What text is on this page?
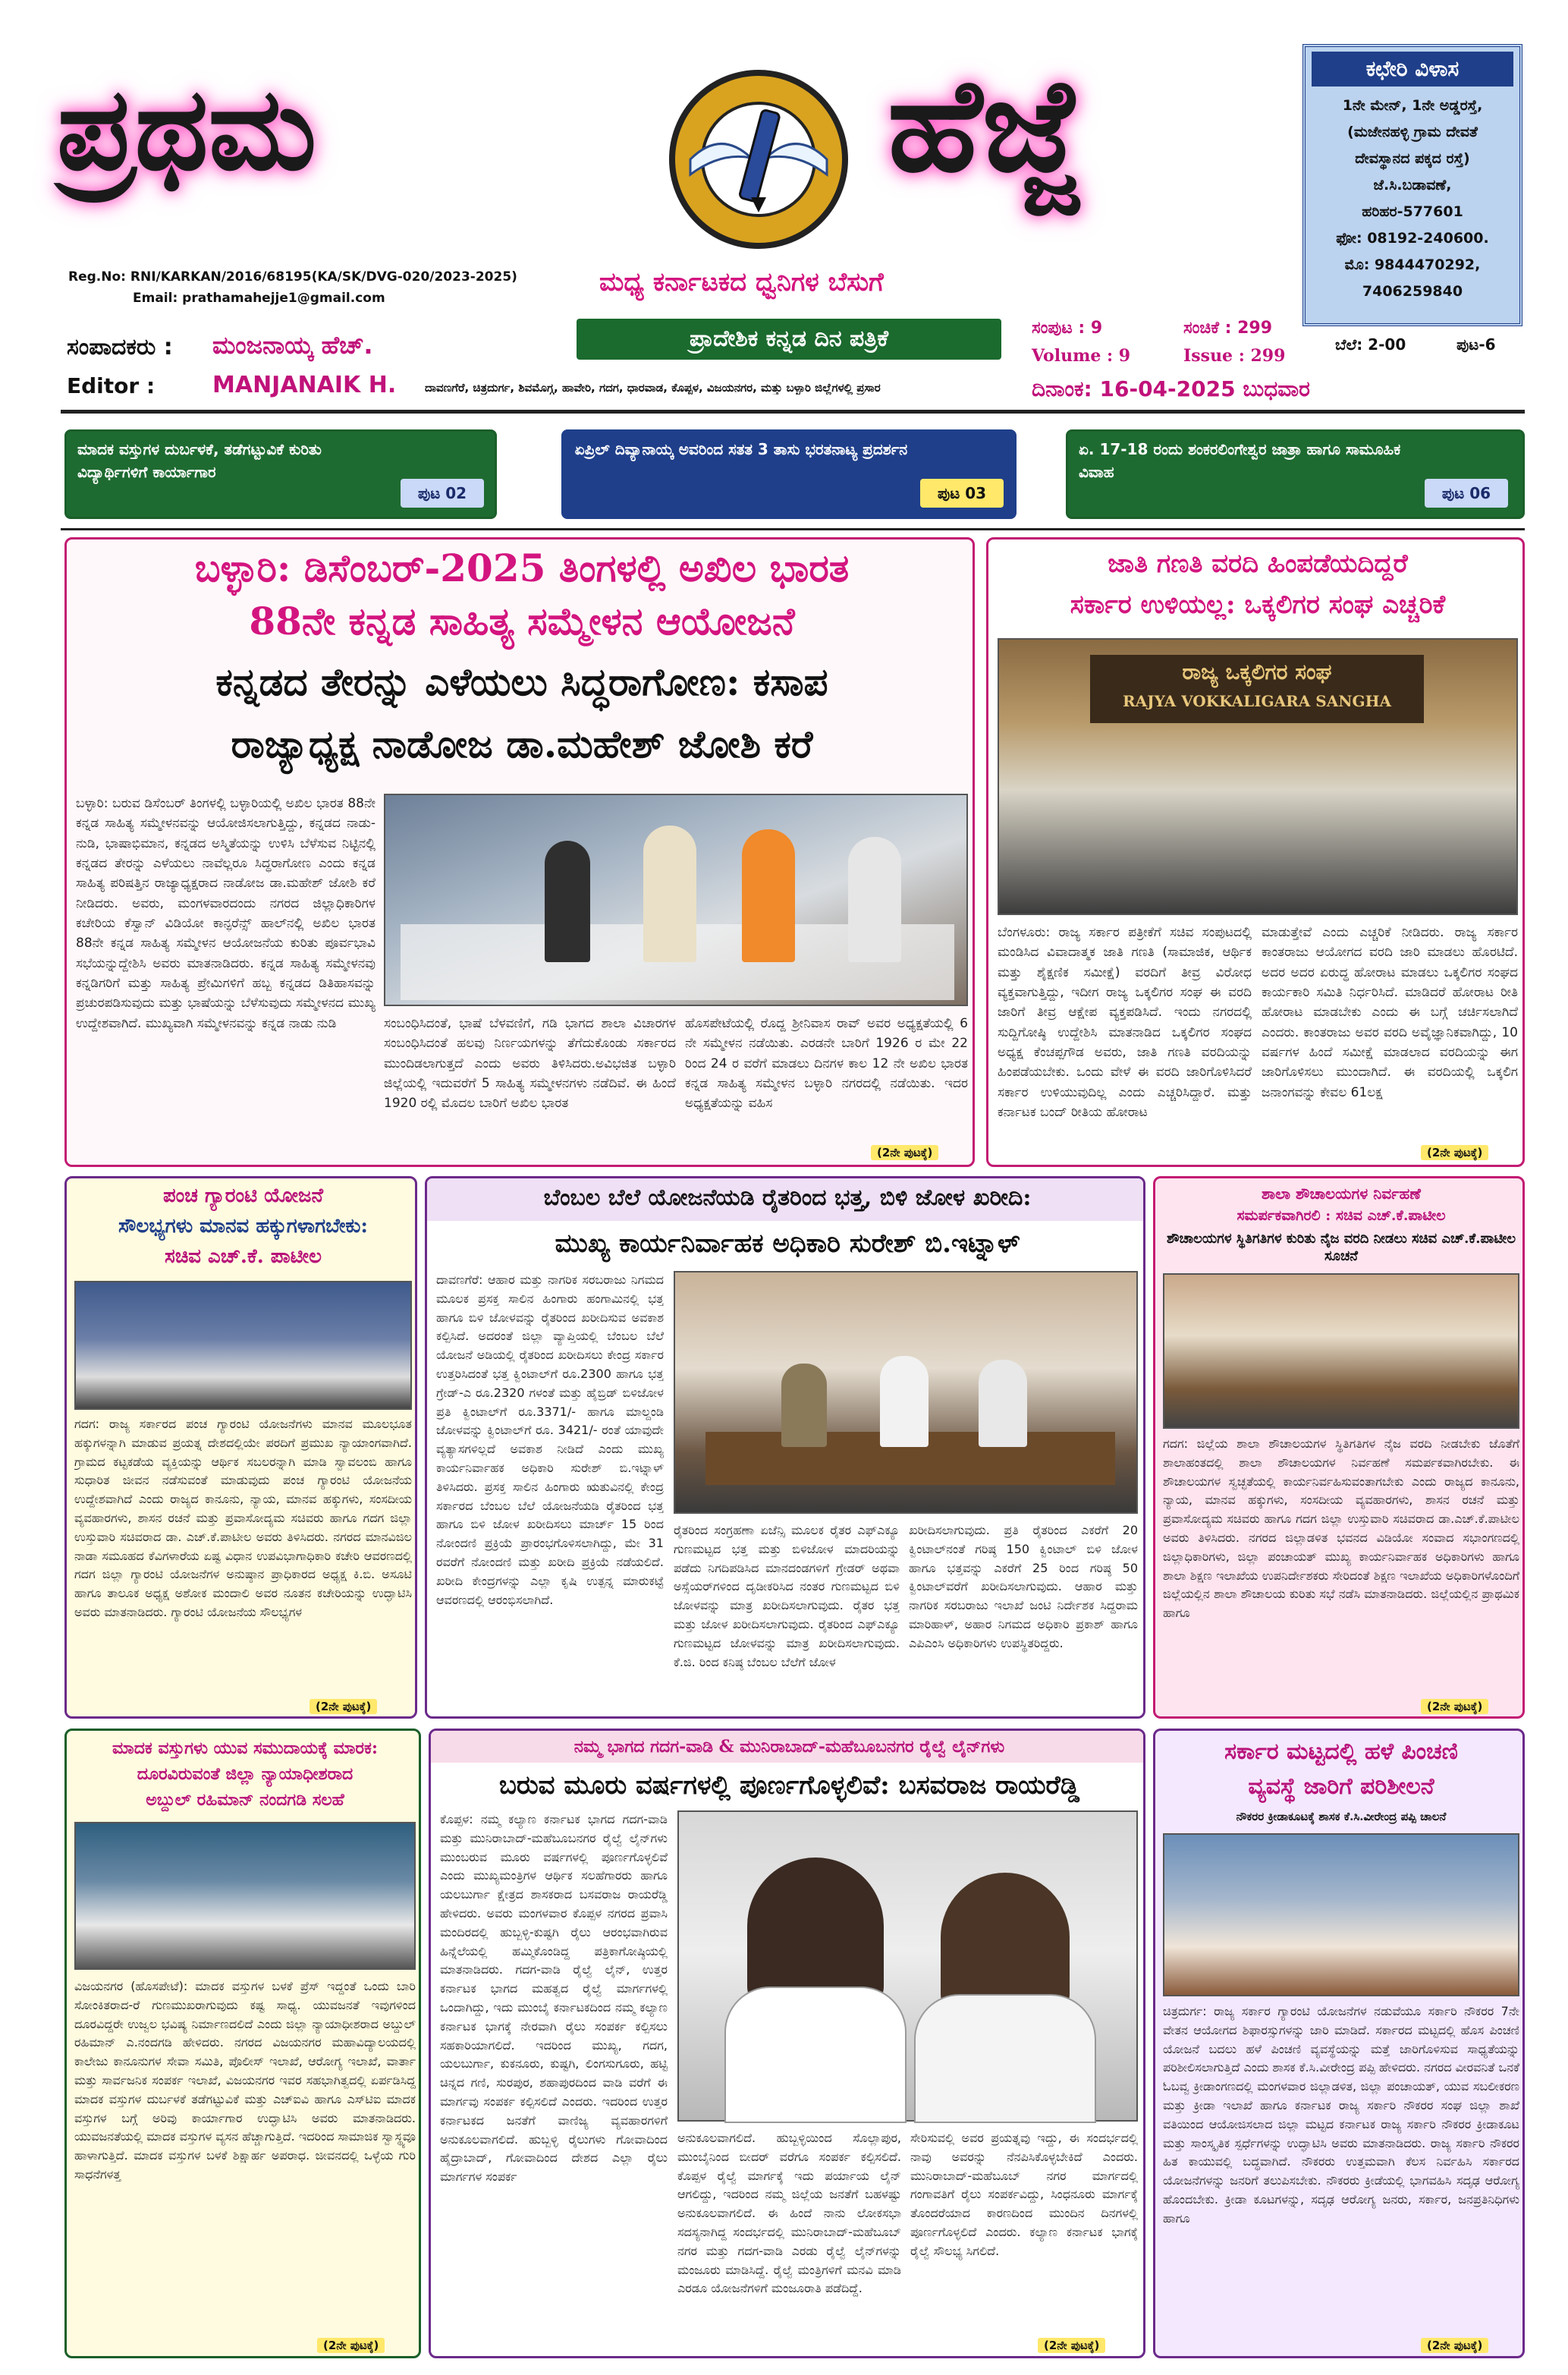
ಪ್ರಥಮ	ಹೆಜ್ಜೆ
Reg.No: RNI/KARKAN/2016/68195(KA/SK/DVG-020/2023-2025)
Email: prathamahejje1@gmail.com
ಮಧ್ಯ ಕರ್ನಾಟಕದ ಧ್ವನಿಗಳ ಬೆಸುಗೆ
ಸಂಪಾದಕರು :	ಮಂಜನಾಯ್ಕ ಹೆಚ್.
Editor :	MANJANAIK H.
ಪ್ರಾದೇಶಿಕ ಕನ್ನಡ ದಿನ ಪತ್ರಿಕೆ	ಸಂಪುಟ : 9	ಸಂಚಿಕೆ : 299
Volume : 9	Issue : 299
ಬೆಲೆ: 2-00	ಪುಟ-6
ದಾವಣಗೆರೆ, ಚಿತ್ರದುರ್ಗ, ಶಿವಮೊಗ್ಗ, ಹಾವೇರಿ, ಗದಗ, ಧಾರವಾಡ, ಕೊಪ್ಪಳ, ವಿಜಯನಗರ, ಮತ್ತು ಬಳ್ಳಾರಿ ಜಿಲ್ಲೆಗಳಲ್ಲಿ ಪ್ರಸಾರ	ದಿನಾಂಕ: 16-04-2025 ಬುಧವಾರ
ಕಛೇರಿ ವಿಳಾಸ
1ನೇ ಮೇನ್, 1ನೇ ಅಡ್ಡರಸ್ತೆ,
(ಮಜೇನಹಳ್ಳಿ ಗ್ರಾಮ ದೇವತೆ
ದೇವಸ್ಥಾನದ ಪಕ್ಕದ ರಸ್ತೆ)
ಜೆ.ಸಿ.ಬಡಾವಣೆ,
ಹರಿಹರ-577601
ಫೋ: 08192-240600.
ಮೊ: 9844470292,
7406259840
ಮಾದಕ ವಸ್ತುಗಳ ದುರ್ಬಳಕೆ, ತಡೆಗಟ್ಟುವಿಕೆ ಕುರಿತು ವಿದ್ಯಾರ್ಥಿಗಳಿಗೆ ಕಾರ್ಯಾಗಾರ
ಪುಟ 02
ಏಪ್ರಿಲ್ ದಿವ್ಯಾನಾಯ್ಕ ಅವರಿಂದ ಸತತ 3 ತಾಸು ಭರತನಾಟ್ಯ ಪ್ರದರ್ಶನ
ಪುಟ 03
ಏ. 17-18 ರಂದು ಶಂಕರಲಿಂಗೇಶ್ವರ ಜಾತ್ರಾ ಹಾಗೂ ಸಾಮೂಹಿಕ ವಿವಾಹ
ಪುಟ 06
ಬಳ್ಳಾರಿ: ಡಿಸೆಂಬರ್-2025 ತಿಂಗಳಲ್ಲಿ ಅಖಿಲ ಭಾರತ
88ನೇ ಕನ್ನಡ ಸಾಹಿತ್ಯ ಸಮ್ಮೇಳನ ಆಯೋಜನೆ
ಕನ್ನಡದ ತೇರನ್ನು ಎಳೆಯಲು ಸಿದ್ಧರಾಗೋಣ: ಕಸಾಪ
ರಾಜ್ಯಾಧ್ಯಕ್ಷ ನಾಡೋಜ ಡಾ.ಮಹೇಶ್ ಜೋಶಿ ಕರೆ
ಬಳ್ಳಾರಿ: ಬರುವ ಡಿಸೆಂಬರ್ ತಿಂಗಳಲ್ಲಿ ಬಳ್ಳಾರಿಯಲ್ಲಿ ಅಖಿಲ ಭಾರತ 88ನೇ ಕನ್ನಡ ಸಾಹಿತ್ಯ ಸಮ್ಮೇಳನವನ್ನು ಆಯೋಜಿಸಲಾಗುತ್ತಿದ್ದು, ಕನ್ನಡದ ನಾಡು-ನುಡಿ, ಭಾಷಾಭಿಮಾನ, ಕನ್ನಡದ ಅಸ್ಮಿತೆಯನ್ನು ಉಳಿಸಿ ಬೆಳೆಸುವ ನಿಟ್ಟಿನಲ್ಲಿ ಕನ್ನಡದ ತೇರನ್ನು ಎಳೆಯಲು ನಾವೆಲ್ಲರೂ ಸಿದ್ಧರಾಗೋಣ ಎಂದು ಕನ್ನಡ ಸಾಹಿತ್ಯ ಪರಿಷತ್ತಿನ ರಾಜ್ಯಾಧ್ಯಕ್ಷರಾದ ನಾಡೋಜ ಡಾ.ಮಹೇಶ್ ಜೋಶಿ ಕರೆ ನೀಡಿದರು. ಅವರು, ಮಂಗಳವಾರದಂದು ನಗರದ ಜಿಲ್ಲಾಧಿಕಾರಿಗಳ ಕಚೇರಿಯ ಕೆಸ್ವಾನ್ ವಿಡಿಯೋ ಕಾನ್ಫರೆನ್ಸ್ ಹಾಲ್‌ನಲ್ಲಿ ಅಖಿಲ ಭಾರತ 88ನೇ ಕನ್ನಡ ಸಾಹಿತ್ಯ ಸಮ್ಮೇಳನ ಆಯೋಜನೆಯ ಕುರಿತು ಪೂರ್ವಭಾವಿ ಸಭೆಯನ್ನುದ್ದೇಶಿಸಿ ಅವರು ಮಾತನಾಡಿದರು. ಕನ್ನಡ ಸಾಹಿತ್ಯ ಸಮ್ಮೇಳನವು ಕನ್ನಡಿಗರಿಗೆ ಮತ್ತು ಸಾಹಿತ್ಯ ಪ್ರೇಮಿಗಳಿಗೆ ಹಬ್ಬ ಕನ್ನಡದ ಡಿತಿಹಾಸವನ್ನು ಪ್ರಚುರಪಡಿಸುವುದು ಮತ್ತು ಭಾಷೆಯನ್ನು ಬೆಳೆಸುವುದು ಸಮ್ಮೇಳನದ ಮುಖ್ಯ ಉದ್ದೇಶವಾಗಿದೆ. ಮುಖ್ಯವಾಗಿ ಸಮ್ಮೇಳನವನ್ನು ಕನ್ನಡ ನಾಡು ನುಡಿ	ಸಂಬಂಧಿಸಿದಂತೆ, ಭಾಷೆ ಬೆಳವಣಿಗೆ, ಗಡಿ ಭಾಗದ ಶಾಲಾ ವಿಚಾರಗಳ ಸಂಬಂಧಿಸಿದಂತೆ ಹಲವು ನಿರ್ಣಯಗಳನ್ನು ತೆಗೆದುಕೊಂಡು ಸರ್ಕಾರದ ಮುಂದಿಡಲಾಗುತ್ತದೆ ಎಂದು ಅವರು ತಿಳಿಸಿದರು.ಅವಿಭಜಿತ ಬಳ್ಳಾರಿ ಜಿಲ್ಲೆಯಲ್ಲಿ ಇದುವರೆಗೆ 5 ಸಾಹಿತ್ಯ ಸಮ್ಮೇಳನಗಳು ನಡೆದಿವೆ. ಈ ಹಿಂದೆ 1920 ರಲ್ಲಿ ಮೊದಲ ಬಾರಿಗೆ ಅಖಿಲ ಭಾರತ
ಹೊಸಪೇಟೆಯಲ್ಲಿ ರೊದ್ದ ಶ್ರೀನಿವಾಸ ರಾವ್ ಅವರ ಅಧ್ಯಕ್ಷತೆಯಲ್ಲಿ 6 ನೇ ಸಮ್ಮೇಳನ ನಡೆಯಿತು. ಎರಡನೇ ಬಾರಿಗೆ 1926 ರ ಮೇ 22 ರಿಂದ 24 ರ ವರೆಗೆ ಮಾಡಲು ದಿನಗಳ ಕಾಲ 12 ನೇ ಅಖಿಲ ಭಾರತ ಕನ್ನಡ ಸಾಹಿತ್ಯ ಸಮ್ಮೇಳನ ಬಳ್ಳಾರಿ ನಗರದಲ್ಲಿ ನಡೆಯಿತು. ಇದರ ಅಧ್ಯಕ್ಷತೆಯನ್ನು ವಹಿಸ
(2ನೇ ಪುಟಕ್ಕೆ)
ಜಾತಿ ಗಣತಿ ವರದಿ ಹಿಂಪಡೆಯದಿದ್ದರೆ
ಸರ್ಕಾರ ಉಳಿಯಲ್ಲ: ಒಕ್ಕಲಿಗರ ಸಂಘ ಎಚ್ಚರಿಕೆ
ರಾಜ್ಯ ಒಕ್ಕಲಿಗರ ಸಂಘ
RAJYA VOKKALIGARA SANGHA
ಬೆಂಗಳೂರು: ರಾಜ್ಯ ಸರ್ಕಾರ ಪತ್ರೀಕೆಗೆ ಸಚಿವ ಸಂಪುಟದಲ್ಲಿ ಮಂಡಿಸಿದ ವಿವಾದಾತ್ಮಕ ಜಾತಿ ಗಣತಿ (ಸಾಮಾಜಿಕ, ಆರ್ಥಿಕ ಮತ್ತು ಶೈಕ್ಷಣಿಕ ಸಮೀಕ್ಷೆ) ವರದಿಗೆ ತೀವ್ರ ವಿರೋಧ ವ್ಯಕ್ತವಾಗುತ್ತಿದ್ದು, ಇದೀಗ ರಾಜ್ಯ ಒಕ್ಕಲಿಗರ ಸಂಘ ಈ ವರದಿ ಜಾರಿಗೆ ತೀವ್ರ ಆಕ್ಷೇಪ ವ್ಯಕ್ತಪಡಿಸಿದೆ. ಇಂದು ನಗರದಲ್ಲಿ ಸುದ್ದಿಗೋಷ್ಠಿ ಉದ್ದೇಶಿಸಿ ಮಾತನಾಡಿದ ಒಕ್ಕಲಿಗರ ಸಂಘದ ಅಧ್ಯಕ್ಷ ಕೆಂಚಪ್ಪಗೌಡ ಅವರು, ಜಾತಿ ಗಣತಿ ವರದಿಯನ್ನು ಹಿಂಪಡೆಯಬೇಕು. ಒಂದು ವೇಳೆ ಈ ವರದಿ ಜಾರಿಗೊಳಿಸಿದರೆ ಸರ್ಕಾರ ಉಳಿಯುವುದಿಲ್ಲ ಎಂದು ಎಚ್ಚರಿಸಿದ್ದಾರೆ. ಮತ್ತು ಕರ್ನಾಟಕ ಬಂದ್ ರೀತಿಯ ಹೋರಾಟ
ಮಾಡುತ್ತೇವೆ ಎಂದು ಎಚ್ಚರಿಕೆ ನೀಡಿದರು. ರಾಜ್ಯ ಸರ್ಕಾರ ಕಾಂತರಾಜು ಆಯೋಗದ ವರದಿ ಜಾರಿ ಮಾಡಲು ಹೊರಟಿದೆ. ಅದರ ಅದರ ಏರುದ್ಧ ಹೋರಾಟ ಮಾಡಲು ಒಕ್ಕಲಿಗರ ಸಂಘದ ಕಾರ್ಯಕಾರಿ ಸಮಿತಿ ನಿರ್ಧರಿಸಿದೆ. ಮಾಡಿದರೆ ಹೋರಾಟ ರೀತಿ ಹೋರಾಟ ಮಾಡಬೇಕು ಎಂದು ಈ ಬಗ್ಗೆ ಚರ್ಚಿಸಲಾಗಿದೆ ಎಂದರು. ಕಾಂತರಾಜು ಅವರ ವರದಿ ಅವೈಜ್ಞಾನಿಕವಾಗಿದ್ದು, 10 ವರ್ಷಗಳ ಹಿಂದೆ ಸಮೀಕ್ಷೆ ಮಾಡಲಾದ ವರದಿಯನ್ನು ಈಗ ಜಾರಿಗೊಳಿಸಲು ಮುಂದಾಗಿದೆ. ಈ ವರದಿಯಲ್ಲಿ ಒಕ್ಕಲಿಗ ಜನಾಂಗವನ್ನು ಕೇವಲ 61ಲಕ್ಷ
(2ನೇ ಪುಟಕ್ಕೆ)
ಪಂಚ ಗ್ಯಾರಂಟಿ ಯೋಜನೆ
ಸೌಲಭ್ಯಗಳು ಮಾನವ ಹಕ್ಕುಗಳಾಗಬೇಕು:
ಸಚಿವ ಎಚ್.ಕೆ. ಪಾಟೀಲ
ಗದಗ: ರಾಜ್ಯ ಸರ್ಕಾರದ ಪಂಚ ಗ್ಯಾರಂಟಿ ಯೋಜನೆಗಳು ಮಾನವ ಮೂಲಭೂತ ಹಕ್ಕುಗಳನ್ನಾಗಿ ಮಾಡುವ ಪ್ರಯತ್ನ ದೇಶದಲ್ಲಿಯೇ ಪರದಿಗೆ ಪ್ರಮುಖ ನ್ಯಾಯಾಂಗವಾಗಿದೆ. ಗ್ರಾಮದ ಕಟ್ಟಕಡೆಯ ವ್ಯಕ್ತಿಯನ್ನು ಆರ್ಥಿಕ ಸಬಲರನ್ನಾಗಿ ಮಾಡಿ ಸ್ವಾವಲಂಬಿ ಹಾಗೂ ಸುಧಾರಿತ ಜೀವನ ನಡೆಸುವಂತೆ ಮಾಡುವುದು ಪಂಚ ಗ್ಯಾರಂಟಿ ಯೋಜನೆಯ ಉದ್ದೇಶವಾಗಿದೆ ಎಂದು ರಾಜ್ಯದ ಕಾನೂನು, ನ್ಯಾಯ, ಮಾನವ ಹಕ್ಕುಗಳು, ಸಂಸದೀಯ ವ್ಯವಹಾರಗಳು, ಶಾಸನ ರಚನೆ ಮತ್ತು ಪ್ರವಾಸೋದ್ಯಮ ಸಚಿವರು ಹಾಗೂ ಗದಗ ಜಿಲ್ಲಾ ಉಸ್ತುವಾರಿ ಸಚಿವರಾದ ಡಾ. ಎಚ್.ಕೆ.ಪಾಟೀಲ ಅವರು ತಿಳಿಸಿದರು. ನಗರದ ಮಾನವಿಜಿಲ ನಾಡಾ ಸಮೂಹದ ಕೆವಿಗಳಾರೆಯ ಏಷ್ಟ ವಿಧಾನ ಉಪವಿಭಾಗಾಧಿಕಾರಿ ಕಚೇರಿ ಆವರಣದಲ್ಲಿ ಗದಗ ಜಿಲ್ಲಾ ಗ್ಯಾರಂಟಿ ಯೋಜನೆಗಳ ಅನುಷ್ಠಾನ ಪ್ರಾಧಿಕಾರದ ಅಧ್ಯಕ್ಷ ಕಿ.ಬಿ. ಅಸೂಟಿ ಹಾಗೂ ತಾಲೂಕ ಅಧ್ಯಕ್ಷ ಅಶೋಕ ಮಂದಾಲಿ ಅವರ ನೂತನ ಕಚೇರಿಯನ್ನು ಉದ್ಘಾಟಿಸಿ ಅವರು ಮಾತನಾಡಿದರು. ಗ್ಯಾರಂಟಿ ಯೋಜನೆಯ ಸೌಲಭ್ಯಗಳ
(2ನೇ ಪುಟಕ್ಕೆ)
ಬೆಂಬಲ ಬೆಲೆ ಯೋಜನೆಯಡಿ ರೈತರಿಂದ ಭತ್ತ, ಬಿಳಿ ಜೋಳ ಖರೀದಿ:
ಮುಖ್ಯ ಕಾರ್ಯನಿರ್ವಾಹಕ ಅಧಿಕಾರಿ ಸುರೇಶ್ ಬಿ.ಇಟ್ನಾಳ್
ದಾವಣಗೆರೆ: ಆಹಾರ ಮತ್ತು ನಾಗರಿಕ ಸರಬರಾಜು ನಿಗಮದ ಮೂಲಕ ಪ್ರಸಕ್ತ ಸಾಲಿನ ಹಿಂಗಾರು ಹಂಗಾಮಿನಲ್ಲಿ ಭತ್ತ ಹಾಗೂ ಬಿಳಿ ಜೋಳವನ್ನು ರೈತರಿಂದ ಖರೀದಿಸುವ ಅವಕಾಶ ಕಲ್ಪಿಸಿದೆ. ಅದರಂತೆ ಜಿಲ್ಲಾ ವ್ಯಾಪ್ತಿಯಲ್ಲಿ ಬೆಂಬಲ ಬೆಲೆ ಯೋಜನೆ ಅಡಿಯಲ್ಲಿ ರೈತರಿಂದ ಖರೀದಿಸಲು ಕೇಂದ್ರ ಸರ್ಕಾರ ಉತ್ತರಿಸಿದಂತೆ ಭತ್ತ ಕ್ವಿಂಟಾಲ್‌ಗೆ ರೂ.2300 ಹಾಗೂ ಭತ್ತ ಗ್ರೇಡ್-ಎ ರೂ.2320 ಗಳಂತೆ ಮತ್ತು ಹೈಬ್ರಿಡ್ ಬಿಳಿಜೋಳ ಪ್ರತಿ ಕ್ವಿಂಟಾಲ್‌ಗೆ ರೂ.3371/- ಹಾಗೂ ಮಾಲ್ದಂಡಿ ಜೋಳವನ್ನು ಕ್ವಿಂಟಾಲ್‌ಗೆ ರೂ. 3421/- ರಂತೆ ಯಾವುದೇ ವ್ಯತ್ಯಾಸಗಳಿಲ್ಲದೆ ಅವಕಾಶ ನೀಡಿದೆ ಎಂದು ಮುಖ್ಯ ಕಾರ್ಯನಿರ್ವಾಹಕ ಅಧಿಕಾರಿ ಸುರೇಶ್ ಬಿ.ಇಟ್ನಾಳ್ ತಿಳಿಸಿದರು. ಪ್ರಸಕ್ತ ಸಾಲಿನ ಹಿಂಗಾರು ಋತುವಿನಲ್ಲಿ ಕೇಂದ್ರ ಸರ್ಕಾರದ ಬೆಂಬಲ ಬೆಲೆ ಯೋಜನೆಯಡಿ ರೈತರಿಂದ ಭತ್ತ ಹಾಗೂ ಬಿಳಿ ಜೋಳ ಖರೀದಿಸಲು ಮಾರ್ಚ್ 15 ರಿಂದ ನೋಂದಣಿ ಪ್ರಕ್ರಿಯೆ ಪ್ರಾರಂಭಗೊಳಿಸಲಾಗಿದ್ದು, ಮೇ 31 ರವರೆಗೆ ನೋಂದಣಿ ಮತ್ತು ಖರೀದಿ ಪ್ರಕ್ರಿಯೆ ನಡೆಯಲಿದೆ. ಖರೀದಿ ಕೇಂದ್ರಗಳನ್ನು ಎಲ್ಲಾ ಕೃಷಿ ಉತ್ಪನ್ನ ಮಾರುಕಟ್ಟೆ ಆವರಣದಲ್ಲಿ ಆರಂಭಿಸಲಾಗಿದೆ.
ರೈತರಿಂದ ಸಂಗ್ರಹಣಾ ಏಜೆನ್ಸಿ ಮೂಲಕ ರೈತರ ಎಫ್‌ಎಕ್ಯೂ ಗುಣಮಟ್ಟದ ಭತ್ತ ಮತ್ತು ಬಿಳಿಜೋಳ ಮಾದರಿಯನ್ನು ಪಡೆದು ನಿಗದಿಪಡಿಸಿದ ಮಾನದಂಡಗಳಿಗೆ ಗ್ರೇಡರ್ ಅಥವಾ ಅಸ್ಸೆಯರ್‌ಗಳಿಂದ ದೃಡೀಕರಿಸಿದ ನಂತರ ಗುಣಮಟ್ಟದ ಬಿಳಿ ಜೋಳವನ್ನು ಮಾತ್ರ ಖರೀದಿಸಲಾಗುವುದು. ರೈತರ ಭತ್ತ ಮತ್ತು ಜೋಳ ಖರೀದಿಸಲಾಗುವುದು. ರೈತರಿಂದ ಎಫ್‌ಎಕ್ಯೂ ಗುಣಮಟ್ಟದ ಜೋಳವನ್ನು ಮಾತ್ರ ಖರೀದಿಸಲಾಗುವುದು. ಕೆ.ಜಿ. ರಿಂದ ಕನಿಷ್ಠ ಬೆಂಬಲ ಬೆಲೆಗೆ ಜೋಳ
ಖರೀದಿಸಲಾಗುವುದು. ಪ್ರತಿ ರೈತರಿಂದ ಎಕರೆಗೆ 20 ಕ್ವಿಂಟಾಲ್‌ನಂತೆ ಗರಿಷ್ಠ 150 ಕ್ವಿಂಟಾಲ್ ಬಿಳಿ ಜೋಳ ಹಾಗೂ ಭತ್ತವನ್ನು ಎಕರೆಗೆ 25 ರಿಂದ ಗರಿಷ್ಠ 50 ಕ್ವಿಂಟಾಲ್‌ವರೆಗೆ ಖರೀದಿಸಲಾಗುವುದು. ಆಹಾರ ಮತ್ತು ನಾಗರಿಕ ಸರಬರಾಜು ಇಲಾಖೆ ಜಂಟಿ ನಿರ್ದೇಶಕ ಸಿದ್ದರಾಮ ಮಾರಿಹಾಳ್, ಅಹಾರ ನಿಗಮದ ಅಧಿಕಾರಿ ಪ್ರಕಾಶ್ ಹಾಗೂ ಎಪಿಎಂಸಿ ಅಧಿಕಾರಿಗಳು ಉಪಸ್ಥಿತರಿದ್ದರು.
ಶಾಲಾ ಶೌಚಾಲಯಗಳ ನಿರ್ವಹಣೆ
ಸಮರ್ಪಕವಾಗಿರಲಿ : ಸಚಿವ ಎಚ್.ಕೆ.ಪಾಟೀಲ
ಶೌಚಾಲಯಗಳ ಸ್ಥಿತಿಗತಿಗಳ ಕುರಿತು ನೈಜ ವರದಿ ನೀಡಲು ಸಚಿವ ಎಚ್.ಕೆ.ಪಾಟೀಲ ಸೂಚನೆ
ಗದಗ: ಜಿಲ್ಲೆಯ ಶಾಲಾ ಶೌಚಾಲಯಗಳ ಸ್ಥಿತಿಗತಿಗಳ ನೈಜ ವರದಿ ನೀಡಬೇಕು ಜೊತೆಗೆ ಶಾಲಾಹಂತದಲ್ಲಿ ಶಾಲಾ ಶೌಚಾಲಯಗಳ ನಿರ್ವಹಣೆ ಸಮರ್ಪಕವಾಗಿರಬೇಕು. ಈ ಶೌಚಾಲಯಗಳ ಸ್ವಚ್ಛತೆಯಲ್ಲಿ ಕಾರ್ಯನಿರ್ವಹಿಸುವಂತಾಗಬೇಕು ಎಂದು ರಾಜ್ಯದ ಕಾನೂನು, ನ್ಯಾಯ, ಮಾನವ ಹಕ್ಕುಗಳು, ಸಂಸದೀಯ ವ್ಯವಹಾರಗಳು, ಶಾಸನ ರಚನೆ ಮತ್ತು ಪ್ರವಾಸೋದ್ಯಮ ಸಚಿವರು ಹಾಗೂ ಗದಗ ಜಿಲ್ಲಾ ಉಸ್ತುವಾರಿ ಸಚಿವರಾದ ಡಾ.ಎಚ್.ಕೆ.ಪಾಟೀಲ ಅವರು ತಿಳಿಸಿದರು. ನಗರದ ಜಿಲ್ಲಾಡಳಿತ ಭವನದ ವಿಡಿಯೋ ಸಂವಾದ ಸಭಾಂಗಣದಲ್ಲಿ ಜಿಲ್ಲಾಧಿಕಾರಿಗಳು, ಜಿಲ್ಲಾ ಪಂಚಾಯತ್ ಮುಖ್ಯ ಕಾರ್ಯನಿರ್ವಾಹಕ ಅಧಿಕಾರಿಗಳು ಹಾಗೂ ಶಾಲಾ ಶಿಕ್ಷಣ ಇಲಾಖೆಯ ಉಪನಿರ್ದೇಶಕರು ಸೇರಿದಂತೆ ಶಿಕ್ಷಣ ಇಲಾಖೆಯ ಅಧಿಕಾರಿಗಳೊಂದಿಗೆ ಜಿಲ್ಲೆಯಲ್ಲಿನ ಶಾಲಾ ಶೌಚಾಲಯ ಕುರಿತು ಸಭೆ ನಡೆಸಿ ಮಾತನಾಡಿದರು. ಜಿಲ್ಲೆಯಲ್ಲಿನ ಪ್ರಾಥಮಿಕ ಹಾಗೂ
(2ನೇ ಪುಟಕ್ಕೆ)
ಮಾದಕ ವಸ್ತುಗಳು ಯುವ ಸಮುದಾಯಕ್ಕೆ ಮಾರಕ:
ದೂರವಿರುವಂತೆ ಜಿಲ್ಲಾ ನ್ಯಾಯಾಧೀಶರಾದ
ಅಬ್ದುಲ್ ರಹಿಮಾನ್ ನಂದಗಡಿ ಸಲಹೆ
ವಿಜಯನಗರ (ಹೊಸಪೇಟೆ): ಮಾದಕ ವಸ್ತುಗಳ ಬಳಕೆ ಪ್ರೆಸ್ ಇದ್ದಂತೆ ಒಂದು ಬಾರಿ ಸೋಂಕಿತರಾದ-ರೆ ಗುಣಮುಖರಾಗುವುದು ಕಷ್ಟ ಸಾಧ್ಯ. ಯುವಜನತೆ ಇವುಗಳಿಂದ ದೂರವಿದ್ದರೇ ಉಜ್ವಲ ಭವಿಷ್ಯ ನಿರ್ಮಾಣದಲಿದೆ ಎಂದು ಜಿಲ್ಲಾ ನ್ಯಾಯಾಧೀಶರಾದ ಅಬ್ದುಲ್ ರಹಿಮಾನ್ ಎ.ನಂದಗಡಿ ಹೇಳಿದರು. ನಗರದ ವಿಜಯನಗರ ಮಹಾವಿದ್ಯಾಲಯದಲ್ಲಿ ಕಾಲೇಜು ಕಾನೂನುಗಳ ಸೇವಾ ಸಮಿತಿ, ಪೊಲೀಸ್ ಇಲಾಖೆ, ಆರೋಗ್ಯ ಇಲಾಖೆ, ವಾರ್ತಾ ಮತ್ತು ಸಾರ್ವಜನಿಕ ಸಂಪರ್ಕ ಇಲಾಖೆ, ವಿಜಯನಗರ ಇವರ ಸಹಭಾಗಿತ್ವದಲ್ಲಿ ಏರ್ಪಡಿಸಿದ್ದ ಮಾದಕ ವಸ್ತುಗಳ ದುರ್ಬಳಕೆ ತಡೆಗಟ್ಟುವಿಕೆ ಮತ್ತು ಎಚ್‌ಐವಿ ಹಾಗೂ ಎಸ್‌ಟಿಐ ಮಾದಕ ವಸ್ತುಗಳ ಬಗ್ಗೆ ಅರಿವು ಕಾರ್ಯಾಗಾರ ಉದ್ಘಾಟಿಸಿ ಅವರು ಮಾತನಾಡಿದರು. ಯುವಜನತೆಯಲ್ಲಿ ಮಾದಕ ವಸ್ತುಗಳ ವ್ಯಸನ ಹೆಚ್ಚಾಗುತ್ತಿದೆ. ಇದರಿಂದ ಸಾಮಾಜಿಕ ಸ್ವಾಸ್ಥ್ಯವೂ ಹಾಳಾಗುತ್ತಿದೆ. ಮಾದಕ ವಸ್ತುಗಳ ಬಳಕೆ ಶಿಕ್ಷಾರ್ಹ ಅಪರಾಧ. ಜೀವನದಲ್ಲಿ ಒಳ್ಳೆಯ ಗುರಿ ಸಾಧನೆಗಳತ್ತ
(2ನೇ ಪುಟಕ್ಕೆ)
ನಮ್ಮ ಭಾಗದ ಗದಗ-ವಾಡಿ & ಮುನಿರಾಬಾದ್-ಮಹೆಬೂಬನಗರ ರೈಲ್ವೆ ಲೈನ್‌ಗಳು
ಬರುವ ಮೂರು ವರ್ಷಗಳಲ್ಲಿ ಪೂರ್ಣಗೊಳ್ಳಲಿವೆ: ಬಸವರಾಜ ರಾಯರೆಡ್ಡಿ
ಕೊಪ್ಪಳ: ನಮ್ಮ ಕಲ್ಯಾಣ ಕರ್ನಾಟಕ ಭಾಗದ ಗದಗ-ವಾಡಿ ಮತ್ತು ಮುನಿರಾಬಾದ್-ಮಹೆಬೂಬನಗರ ರೈಲ್ವೆ ಲೈನ್‌ಗಳು ಮುಂಬರುವ ಮೂರು ವರ್ಷಗಳಲ್ಲಿ ಪೂರ್ಣಗೊಳ್ಳಲಿವೆ ಎಂದು ಮುಖ್ಯಮಂತ್ರಿಗಳ ಆರ್ಥಿಕ ಸಲಹೆಗಾರರು ಹಾಗೂ ಯಲಬುರ್ಗಾ ಕ್ಷೇತ್ರದ ಶಾಸಕರಾದ ಬಸವರಾಜ ರಾಯರೆಡ್ಡಿ ಹೇಳಿದರು. ಅವರು ಮಂಗಳವಾರ ಕೊಪ್ಪಳ ನಗರದ ಪ್ರವಾಸಿ ಮಂದಿರದಲ್ಲಿ ಹುಬ್ಬಳ್ಳಿ-ಕುಷ್ಟಗಿ ರೈಲು ಆರಂಭವಾಗಿರುವ ಹಿನ್ನೆಲೆಯಲ್ಲಿ ಹಮ್ಮಿಕೊಂಡಿದ್ದ ಪತ್ರಿಕಾಗೋಷ್ಠಿಯಲ್ಲಿ ಮಾತನಾಡಿದರು. ಗದಗ-ವಾಡಿ ರೈಲ್ವೆ ಲೈನ್, ಉತ್ತರ ಕರ್ನಾಟಕ ಭಾಗದ ಮಹತ್ವದ ರೈಲ್ವೆ ಮಾರ್ಗಗಳಲ್ಲಿ ಒಂದಾಗಿದ್ದು, ಇದು ಮುಂಬೈ ಕರ್ನಾಟಕದಿಂದ ನಮ್ಮ ಕಲ್ಯಾಣ ಕರ್ನಾಟಕ ಭಾಗಕ್ಕೆ ನೇರವಾಗಿ ರೈಲು ಸಂಪರ್ಕ ಕಲ್ಪಿಸಲು ಸಹಕಾರಿಯಾಗಲಿದೆ. ಇದರಿಂದ ಮುಖ್ಯ, ಗದಗ, ಯಲಬುರ್ಗಾ, ಕುಕನೂರು, ಕುಷ್ಟಗಿ, ಲಿಂಗಸುಗೂರು, ಹಟ್ಟಿ ಚಿನ್ನದ ಗಣಿ, ಸುರಪುರ, ಶಹಾಪುರದಿಂದ ವಾಡಿ ವರೆಗೆ ಈ ಮಾರ್ಗವು ಸಂಪರ್ಕ ಕಲ್ಪಿಸಲಿದೆ ಎಂದರು. ಇದರಿಂದ ಉತ್ತರ ಕರ್ನಾಟಕದ ಜನತೆಗೆ ವಾಣಿಜ್ಯ ವ್ಯವಹಾರಗಳಿಗೆ ಅನುಕೂಲವಾಗಲಿದೆ. ಹುಬ್ಬಳ್ಳಿ ರೈಲುಗಳು ಗೋವಾದಿಂದ ಹೈದ್ರಾಬಾದ್, ಗೋವಾದಿಂದ ದೇಶದ ಎಲ್ಲಾ ರೈಲು ಮಾರ್ಗಗಳ ಸಂಪರ್ಕ
ಅನುಕೂಲವಾಗಲಿದೆ. ಹುಬ್ಬಳ್ಳಿಯಿಂದ ಸೊಲ್ಲಾಪುರ, ಮುಂಬೈನಿಂದ ಬೀದರ್ ವರೆಗೂ ಸಂಪರ್ಕ ಕಲ್ಪಿಸಲಿದೆ. ಕೊಪ್ಪಳ ರೈಲ್ವೆ ಮಾರ್ಗಕ್ಕೆ ಇದು ಪರ್ಯಾಯ ಲೈನ್ ಆಗಲಿದ್ದು, ಇದರಿಂದ ನಮ್ಮ ಜಿಲ್ಲೆಯ ಜನತೆಗೆ ಬಹಳಷ್ಟು ಅನುಕೂಲವಾಗಲಿದೆ. ಈ ಹಿಂದೆ ನಾನು ಲೋಕಸಭಾ ಸದಸ್ಯನಾಗಿದ್ದ ಸಂದರ್ಭದಲ್ಲಿ ಮುನಿರಾಬಾದ್-ಮಹೆಬೂಬ್ ನಗರ ಮತ್ತು ಗದಗ-ವಾಡಿ ಎರಡು ರೈಲ್ವೆ ಲೈನ್‌ಗಳನ್ನು ಮಂಜೂರು ಮಾಡಿಸಿದ್ದೆ. ರೈಲ್ವೆ ಮಂತ್ರಿಗಳಿಗೆ ಮನವಿ ಮಾಡಿ ಎರಡೂ ಯೋಜನೆಗಳಿಗೆ ಮಂಜೂರಾತಿ ಪಡೆದಿದ್ದೆ.
ಸೇರಿಸುವಲ್ಲಿ ಅವರ ಪ್ರಯತ್ನವು ಇದ್ದು, ಈ ಸಂದರ್ಭದಲ್ಲಿ ನಾವು ಅವರನ್ನು ನೆನಪಿಸಿಕೊಳ್ಳಬೇಕಿದೆ ಎಂದರು. ಮುನಿರಾಬಾದ್-ಮಹೆಬೂಬ್ ನಗರ ಮಾರ್ಗದಲ್ಲಿ ಗಂಗಾವತಿಗೆ ರೈಲು ಸಂಪರ್ಕವಿದ್ದು, ಸಿಂಧನೂರು ಮಾರ್ಗಕ್ಕೆ ತೊಂದರೆಯಾದ ಕಾರಣದಿಂದ ಮುಂದಿನ ದಿನಗಳಲ್ಲಿ ಪೂರ್ಣಗೊಳ್ಳಲಿದೆ ಎಂದರು. ಕಲ್ಯಾಣ ಕರ್ನಾಟಕ ಭಾಗಕ್ಕೆ ರೈಲ್ವೆ ಸೌಲಭ್ಯ ಸಿಗಲಿದೆ.
(2ನೇ ಪುಟಕ್ಕೆ)
ಸರ್ಕಾರ ಮಟ್ಟದಲ್ಲಿ ಹಳೆ ಪಿಂಚಣಿ
ವ್ಯವಸ್ಥೆ ಜಾರಿಗೆ ಪರಿಶೀಲನೆ
ನೌಕರರ ಕ್ರೀಡಾಕೂಟಕ್ಕೆ ಶಾಸಕ ಕೆ.ಸಿ.ವೀರೇಂದ್ರ ಪಪ್ಪಿ ಚಾಲನೆ
ಚಿತ್ರದುರ್ಗ: ರಾಜ್ಯ ಸರ್ಕಾರ ಗ್ಯಾರಂಟಿ ಯೋಜನೆಗಳ ನಡುವೆಯೂ ಸರ್ಕಾರಿ ನೌಕರರ 7ನೇ ವೇತನ ಆಯೋಗದ ಶಿಫಾರಸ್ಸುಗಳನ್ನು ಜಾರಿ ಮಾಡಿದೆ. ಸರ್ಕಾರದ ಮಟ್ಟದಲ್ಲಿ ಹೊಸ ಪಿಂಚಣಿ ಯೋಜನೆ ಬದಲು ಹಳೆ ಪಿಂಚಣಿ ವ್ಯವಸ್ಥೆಯನ್ನು ಮತ್ತೆ ಜಾರಿಗೊಳಿಸುವ ಸಾಧ್ಯತೆಯನ್ನು ಪರಿಶೀಲಿಸಲಾಗುತ್ತಿದೆ ಎಂದು ಶಾಸಕ ಕೆ.ಸಿ.ವೀರೇಂದ್ರ ಪಪ್ಪಿ ಹೇಳಿದರು. ನಗರದ ವೀರವನಿತೆ ಒನಕೆ ಓಬವ್ವ ಕ್ರೀಡಾಂಗಣದಲ್ಲಿ ಮಂಗಳವಾರ ಜಿಲ್ಲಾಡಳಿತ, ಜಿಲ್ಲಾ ಪಂಚಾಯತ್, ಯುವ ಸಬಲೀಕರಣ ಮತ್ತು ಕ್ರೀಡಾ ಇಲಾಖೆ ಹಾಗೂ ಕರ್ನಾಟಕ ರಾಜ್ಯ ಸರ್ಕಾರಿ ನೌಕರರ ಸಂಘ ಜಿಲ್ಲಾ ಶಾಖೆ ವತಿಯಿಂದ ಆಯೋಜಿಸಲಾದ ಜಿಲ್ಲಾ ಮಟ್ಟದ ಕರ್ನಾಟಕ ರಾಜ್ಯ ಸರ್ಕಾರಿ ನೌಕರರ ಕ್ರೀಡಾಕೂಟ ಮತ್ತು ಸಾಂಸ್ಕೃತಿಕ ಸ್ಪರ್ಧೆಗಳನ್ನು ಉದ್ಘಾಟಿಸಿ ಅವರು ಮಾತನಾಡಿದರು. ರಾಜ್ಯ ಸರ್ಕಾರಿ ನೌಕರರ ಹಿತ ಕಾಯುವಲ್ಲಿ ಬದ್ಧವಾಗಿದೆ. ನೌಕರರು ಉತ್ತಮವಾಗಿ ಕೆಲಸ ನಿರ್ವಹಿಸಿ ಸರ್ಕಾರದ ಯೋಜನೆಗಳನ್ನು ಜನರಿಗೆ ತಲುಪಿಸಬೇಕು. ನೌಕರರು ಕ್ರೀಡೆಯಲ್ಲಿ ಭಾಗವಹಿಸಿ ಸದೃಢ ಆರೋಗ್ಯ ಹೊಂದಬೇಕು. ಕ್ರೀಡಾ ಕೂಟಗಳನ್ನು, ಸದೃಢ ಆರೋಗ್ಯ ಜನರು, ಸರ್ಕಾರ, ಜನಪ್ರತಿನಿಧಿಗಳು ಹಾಗೂ
(2ನೇ ಪುಟಕ್ಕೆ)
